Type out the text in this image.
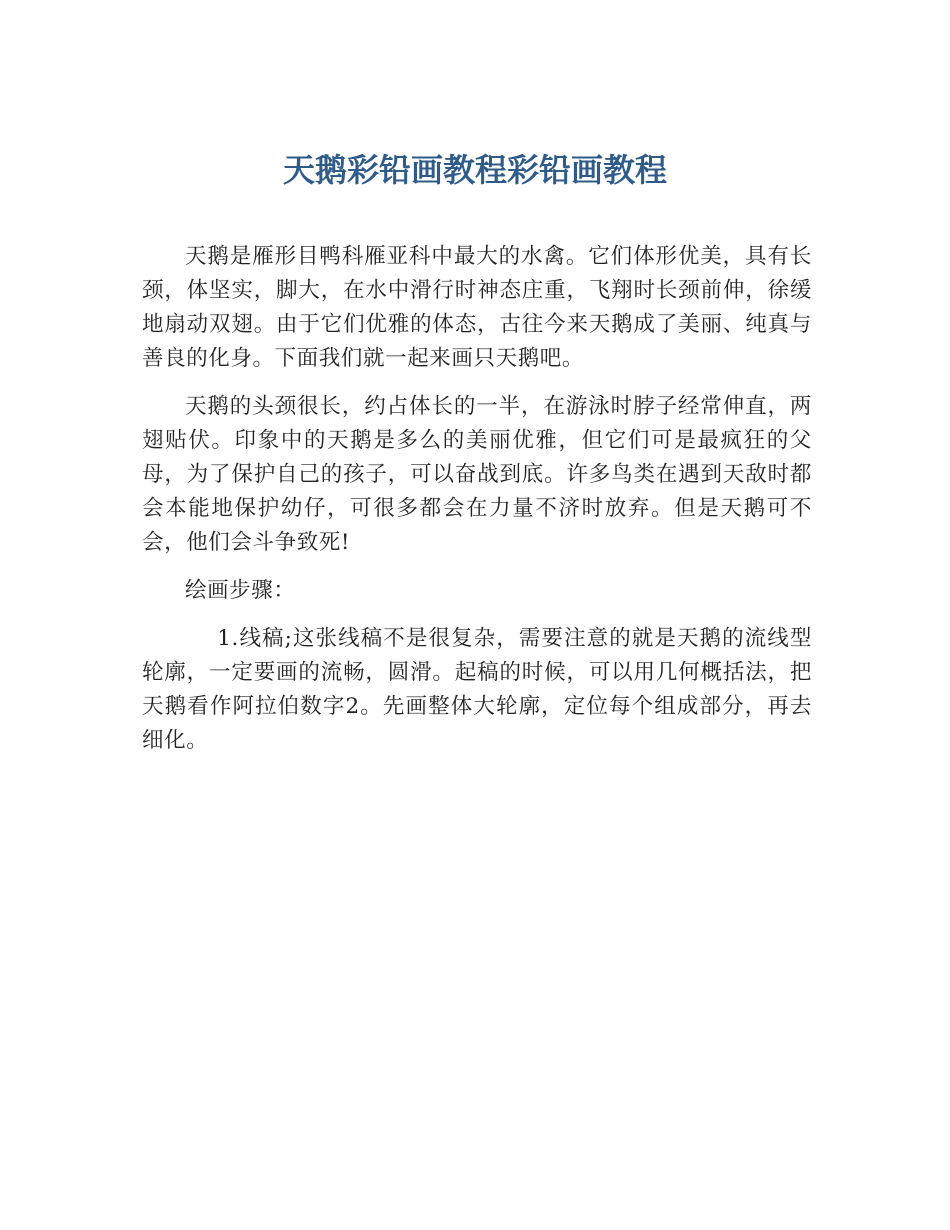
天鹅彩铅画教程彩铅画教程

天鹅是雁形目鸭科雁亚科中最大的水禽。它们体形优美，具有长颈，体坚实，脚大，在水中滑行时神态庄重，飞翔时长颈前伸，徐缓地扇动双翅。由于它们优雅的体态，古往今来天鹅成了美丽、纯真与善良的化身。下面我们就一起来画只天鹅吧。

天鹅的头颈很长，约占体长的一半，在游泳时脖子经常伸直，两翅贴伏。印象中的天鹅是多么的美丽优雅，但它们可是最疯狂的父母，为了保护自己的孩子，可以奋战到底。许多鸟类在遇到天敌时都会本能地保护幼仔，可很多都会在力量不济时放弃。但是天鹅可不会，他们会斗争致死!

绘画步骤：

1.线稿;这张线稿不是很复杂，需要注意的就是天鹅的流线型轮廓，一定要画的流畅，圆滑。起稿的时候，可以用几何概括法，把天鹅看作阿拉伯数字2。先画整体大轮廓，定位每个组成部分，再去细化。
